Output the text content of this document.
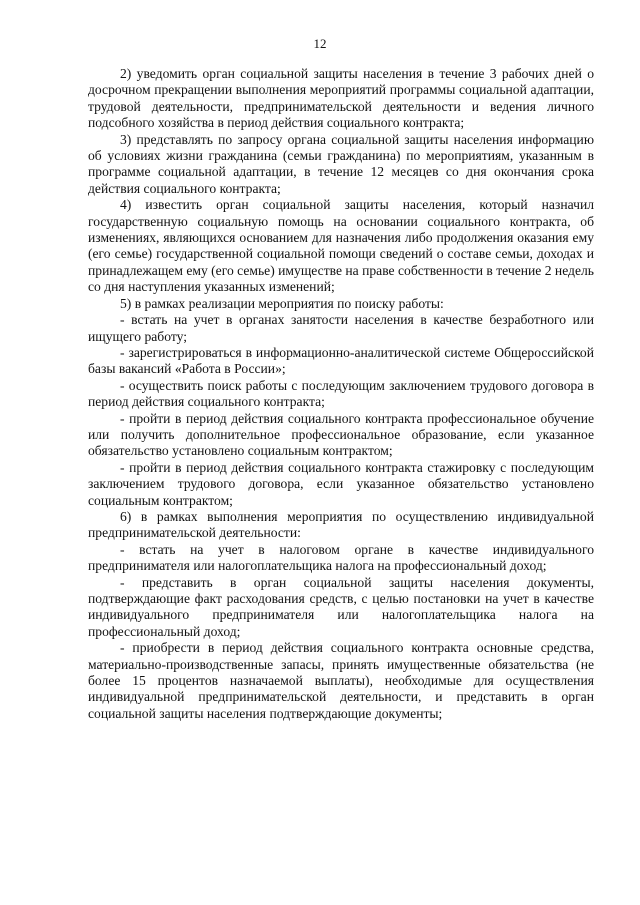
12

2) уведомить орган социальной защиты населения в течение 3 рабочих дней о досрочном прекращении выполнения мероприятий программы социальной адаптации, трудовой деятельности, предпринимательской деятельности и ведения личного подсобного хозяйства в период действия социального контракта;

3) представлять по запросу органа социальной защиты населения информацию об условиях жизни гражданина (семьи гражданина) по мероприятиям, указанным в программе социальной адаптации, в течение 12 месяцев со дня окончания срока действия социального контракта;

4) известить орган социальной защиты населения, который назначил государственную социальную помощь на основании социального контракта, об изменениях, являющихся основанием для назначения либо продолжения оказания ему (его семье) государственной социальной помощи сведений о составе семьи, доходах и принадлежащем ему (его семье) имуществе на праве собственности в течение 2 недель со дня наступления указанных изменений;

5) в рамках реализации мероприятия по поиску работы:

- встать на учет в органах занятости населения в качестве безработного или ищущего работу;

- зарегистрироваться в информационно-аналитической системе Общероссийской базы вакансий «Работа в России»;

- осуществить поиск работы с последующим заключением трудового договора в период действия социального контракта;

- пройти в период действия социального контракта профессиональное обучение или получить дополнительное профессиональное образование, если указанное обязательство установлено социальным контрактом;

- пройти в период действия социального контракта стажировку с последующим заключением трудового договора, если указанное обязательство установлено социальным контрактом;

6) в рамках выполнения мероприятия по осуществлению индивидуальной предпринимательской деятельности:

- встать на учет в налоговом органе в качестве индивидуального предпринимателя или налогоплательщика налога на профессиональный доход;

- представить в орган социальной защиты населения документы, подтверждающие факт расходования средств, с целью постановки на учет в качестве индивидуального предпринимателя или налогоплательщика налога на профессиональный доход;

- приобрести в период действия социального контракта основные средства, материально-производственные запасы, принять имущественные обязательства (не более 15 процентов назначаемой выплаты), необходимые для осуществления индивидуальной предпринимательской деятельности, и представить в орган социальной защиты населения подтверждающие документы;
